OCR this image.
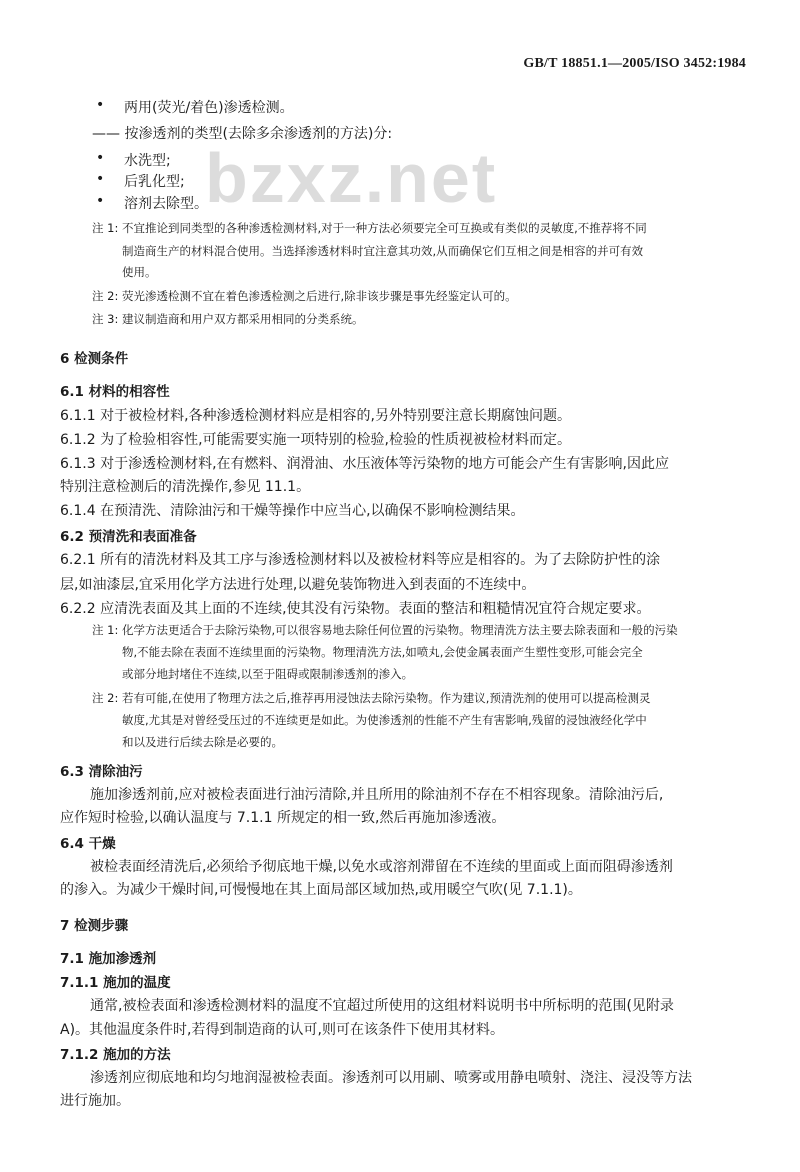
GB/T 18851.1—2005/ISO 3452:1984
bzxz.net
• 两用(荧光/着色)渗透检测。
—— 按渗透剂的类型(去除多余渗透剂的方法)分:
• 水洗型;
• 后乳化型;
• 溶剂去除型。
注 1: 不宜推论到同类型的各种渗透检测材料,对于一种方法必须要完全可互换或有类似的灵敏度,不推荐将不同
制造商生产的材料混合使用。当选择渗透材料时宜注意其功效,从而确保它们互相之间是相容的并可有效
使用。
注 2: 荧光渗透检测不宜在着色渗透检测之后进行,除非该步骤是事先经鉴定认可的。
注 3: 建议制造商和用户双方都采用相同的分类系统。
6 检测条件
6.1 材料的相容性
6.1.1 对于被检材料,各种渗透检测材料应是相容的,另外特别要注意长期腐蚀问题。
6.1.2 为了检验相容性,可能需要实施一项特别的检验,检验的性质视被检材料而定。
6.1.3 对于渗透检测材料,在有燃料、润滑油、水压液体等污染物的地方可能会产生有害影响,因此应
特别注意检测后的清洗操作,参见 11.1。
6.1.4 在预清洗、清除油污和干燥等操作中应当心,以确保不影响检测结果。
6.2 预清洗和表面准备
6.2.1 所有的清洗材料及其工序与渗透检测材料以及被检材料等应是相容的。为了去除防护性的涂
层,如油漆层,宜采用化学方法进行处理,以避免装饰物进入到表面的不连续中。
6.2.2 应清洗表面及其上面的不连续,使其没有污染物。表面的整洁和粗糙情况宜符合规定要求。
注 1: 化学方法更适合于去除污染物,可以很容易地去除任何位置的污染物。物理清洗方法主要去除表面和一般的污染
物,不能去除在表面不连续里面的污染物。物理清洗方法,如喷丸,会使金属表面产生塑性变形,可能会完全
或部分地封堵住不连续,以至于阻碍或限制渗透剂的渗入。
注 2: 若有可能,在使用了物理方法之后,推荐再用浸蚀法去除污染物。作为建议,预清洗剂的使用可以提高检测灵
敏度,尤其是对曾经受压过的不连续更是如此。为使渗透剂的性能不产生有害影响,残留的浸蚀液经化学中
和以及进行后续去除是必要的。
6.3 清除油污
施加渗透剂前,应对被检表面进行油污清除,并且所用的除油剂不存在不相容现象。清除油污后,
应作短时检验,以确认温度与 7.1.1 所规定的相一致,然后再施加渗透液。
6.4 干燥
被检表面经清洗后,必须给予彻底地干燥,以免水或溶剂滞留在不连续的里面或上面而阻碍渗透剂
的渗入。为减少干燥时间,可慢慢地在其上面局部区域加热,或用暖空气吹(见 7.1.1)。
7 检测步骤
7.1 施加渗透剂
7.1.1 施加的温度
通常,被检表面和渗透检测材料的温度不宜超过所使用的这组材料说明书中所标明的范围(见附录
A)。其他温度条件时,若得到制造商的认可,则可在该条件下使用其材料。
7.1.2 施加的方法
渗透剂应彻底地和均匀地润湿被检表面。渗透剂可以用刷、喷雾或用静电喷射、浇注、浸没等方法
进行施加。
